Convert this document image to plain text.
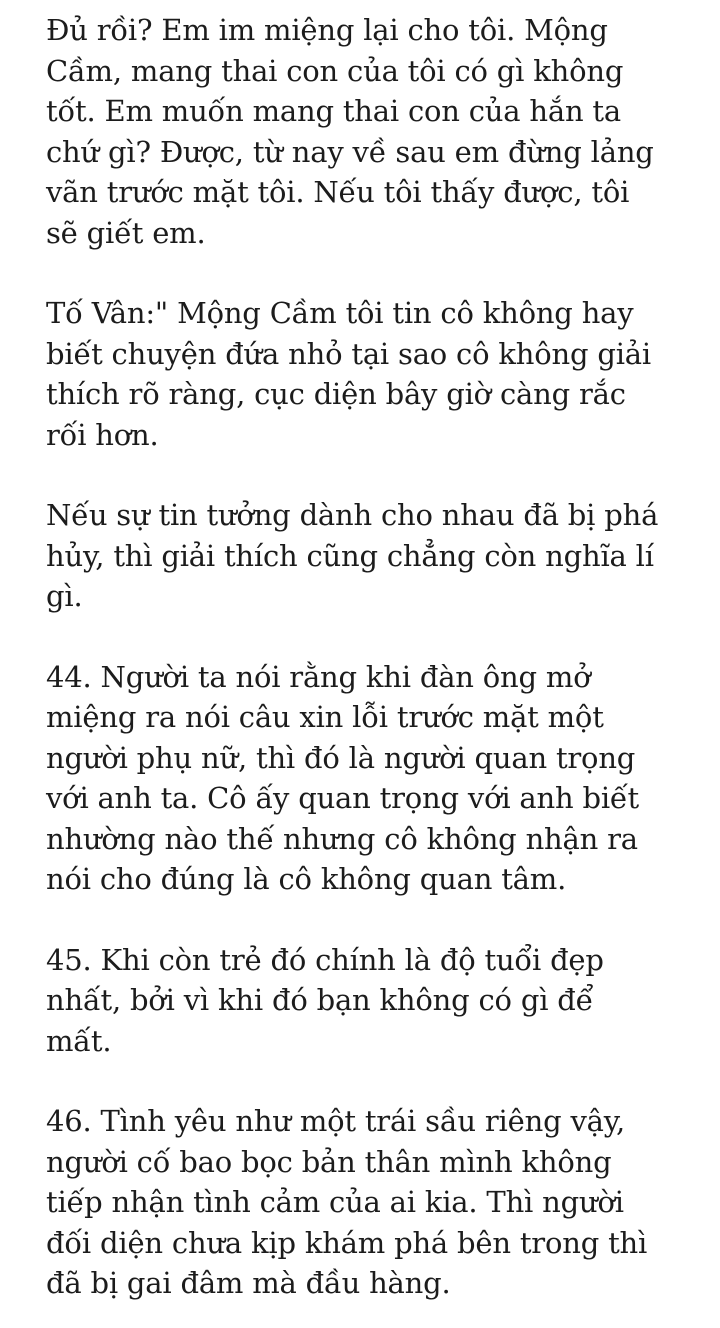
Đủ rồi? Em im miệng lại cho tôi. Mộng
Cầm, mang thai con của tôi có gì không
tốt. Em muốn mang thai con của hắn ta
chứ gì? Được, từ nay về sau em đừng lảng
vãn trước mặt tôi. Nếu tôi thấy được, tôi
sẽ giết em.

Tố Vân:" Mộng Cầm tôi tin cô không hay
biết chuyện đứa nhỏ tại sao cô không giải
thích rõ ràng, cục diện bây giờ càng rắc
rối hơn.

Nếu sự tin tưởng dành cho nhau đã bị phá
hủy, thì giải thích cũng chẳng còn nghĩa lí
gì.

44. Người ta nói rằng khi đàn ông mở
miệng ra nói câu xin lỗi trước mặt một
người phụ nữ, thì đó là người quan trọng
với anh ta. Cô ấy quan trọng với anh biết
nhường nào thế nhưng cô không nhận ra
nói cho đúng là cô không quan tâm.

45. Khi còn trẻ đó chính là độ tuổi đẹp
nhất, bởi vì khi đó bạn không có gì để
mất.

46. Tình yêu như một trái sầu riêng vậy,
người cố bao bọc bản thân mình không
tiếp nhận tình cảm của ai kia. Thì người
đối diện chưa kịp khám phá bên trong thì
đã bị gai đâm mà đầu hàng.
